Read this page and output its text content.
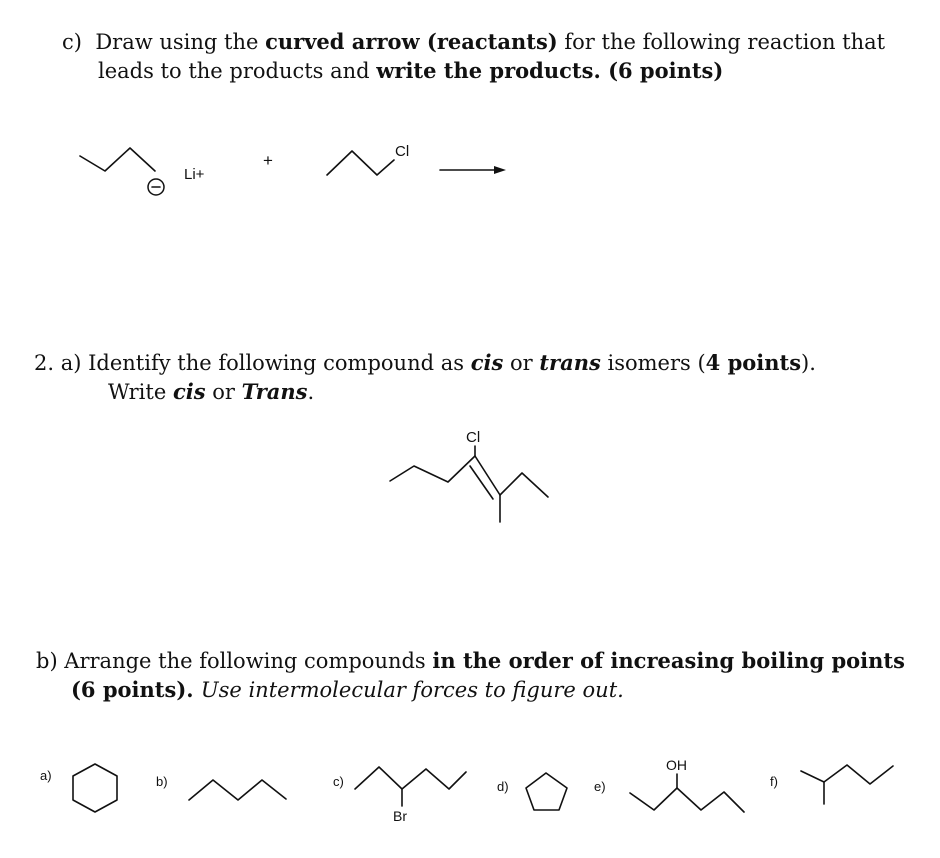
c) Draw using the curved arrow (reactants) for the following reaction that
leads to the products and write the products. (6 points)
2. a) Identify the following compound as cis or trans isomers (4 points).
Write cis or Trans.
b) Arrange the following compounds in the order of increasing boiling points
(6 points). Use intermolecular forces to figure out.
Li+
+	Cl
Cl
a)	b)	c)
Br
d)	e)
OH
f)
